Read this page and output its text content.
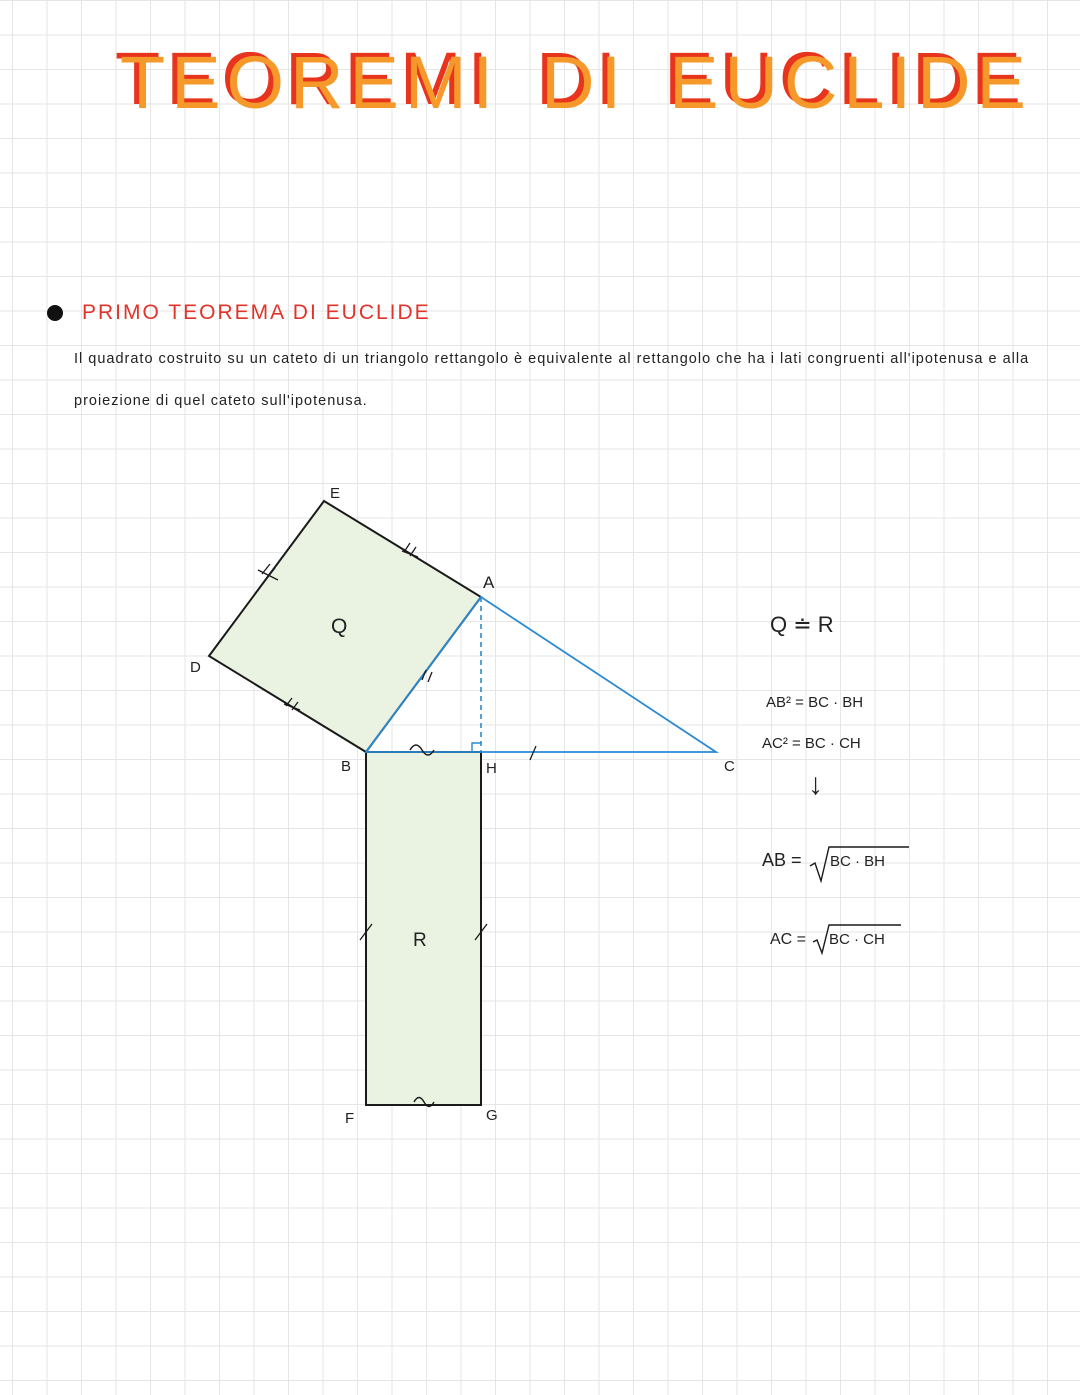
TEOREMI DI EUCLIDE
PRIMO TEOREMA DI EUCLIDE
Il quadrato costruito su un cateto di un triangolo rettangolo è equivalente al rettangolo che ha i lati congruenti all'ipotenusa e alla proiezione di quel cateto sull'ipotenusa.
E
A
D
B	H	C
F	G
Q
R
Q ≐ R
AB² = BC · BH
AC² = BC · CH
↓
AB = BC · BH
AC = BC · CH
